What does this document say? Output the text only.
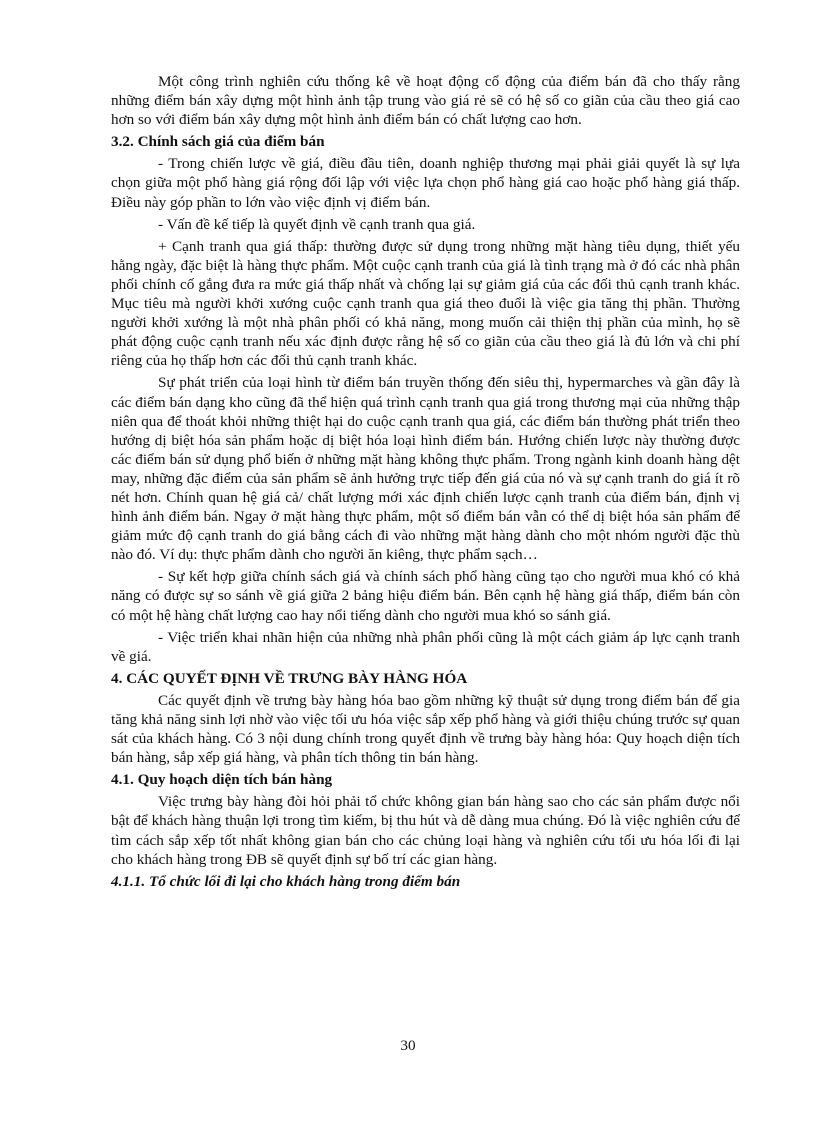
Một công trình nghiên cứu thống kê về hoạt động cổ động của điểm bán đã cho thấy rằng những điểm bán xây dựng một hình ảnh tập trung vào giá rẻ sẽ có hệ số co giãn của cầu theo giá cao hơn so với điểm bán xây dựng một hình ảnh điểm bán có chất lượng cao hơn.

3.2. Chính sách giá của điểm bán

- Trong chiến lược về giá, điều đầu tiên, doanh nghiệp thương mại phải giải quyết là sự lựa chọn giữa một phổ hàng giá rộng đối lập với việc lựa chọn phổ hàng giá cao hoặc phổ hàng giá thấp. Điều này góp phần to lớn vào việc định vị điểm bán.

- Vấn đề kế tiếp là quyết định về cạnh tranh qua giá.

+ Cạnh tranh qua giá thấp: thường được sử dụng trong những mặt hàng tiêu dụng, thiết yếu hằng ngày, đặc biệt là hàng thực phẩm. Một cuộc cạnh tranh của giá là tình trạng mà ở đó các nhà phân phối chính cố gắng đưa ra mức giá thấp nhất và chống lại sự giảm giá của các đối thủ cạnh tranh khác. Mục tiêu mà người khởi xướng cuộc cạnh tranh qua giá theo đuổi là việc gia tăng thị phần. Thường người khởi xướng là một nhà phân phối có khả năng, mong muốn cải thiện thị phần của mình, họ sẽ phát động cuộc cạnh tranh nếu xác định được rằng hệ số co giãn của cầu theo giá là đủ lớn và chi phí riêng của họ thấp hơn các đối thủ cạnh tranh khác.

Sự phát triển của loại hình từ điểm bán truyền thống đến siêu thị, hypermarches và gần đây là các điểm bán dạng kho cũng đã thể hiện quá trình cạnh tranh qua giá trong thương mại của những thập niên qua để thoát khỏi những thiệt hại do cuộc cạnh tranh qua giá, các điểm bán thường phát triển theo hướng dị biệt hóa sản phẩm hoặc dị biệt hóa loại hình điểm bán. Hướng chiến lược này thường được các điểm bán sử dụng phổ biến ở những mặt hàng không thực phẩm. Trong ngành kinh doanh hàng dệt may, những đặc điểm của sản phẩm sẽ ảnh hưởng trực tiếp đến giá của nó và sự cạnh tranh do giá ít rõ nét hơn. Chính quan hệ giá cả/ chất lượng mới xác định chiến lược cạnh tranh của điểm bán, định vị hình ảnh điểm bán. Ngay ở mặt hàng thực phẩm, một số điểm bán vẫn có thể dị biệt hóa sản phẩm để giảm mức độ cạnh tranh do giá bằng cách đi vào những mặt hàng dành cho một nhóm người đặc thù nào đó. Ví dụ: thực phẩm dành cho người ăn kiêng, thực phẩm sạch…

- Sự kết hợp giữa chính sách giá và chính sách phổ hàng cũng tạo cho người mua khó có khả năng có được sự so sánh về giá giữa 2 bảng hiệu điểm bán. Bên cạnh hệ hàng giá thấp, điểm bán còn có một hệ hàng chất lượng cao hay nổi tiếng dành cho người mua khó so sánh giá.

- Việc triển khai nhãn hiện của những nhà phân phối cũng là một cách giảm áp lực cạnh tranh về giá.

4. CÁC QUYẾT ĐỊNH VỀ TRƯNG BÀY HÀNG HÓA

Các quyết định về trưng bày hàng hóa bao gồm những kỹ thuật sử dụng trong điểm bán để gia tăng khả năng sinh lợi nhờ vào việc tối ưu hóa việc sắp xếp phổ hàng và giới thiệu chúng trước sự quan sát của khách hàng. Có 3 nội dung chính trong quyết định về trưng bày hàng hóa: Quy hoạch diện tích bán hàng, sắp xếp giá hàng, và phân tích thông tin bán hàng.

4.1. Quy hoạch diện tích bán hàng

Việc trưng bày hàng đòi hỏi phải tổ chức không gian bán hàng sao cho các sản phẩm được nổi bật để khách hàng thuận lợi trong tìm kiếm, bị thu hút và dễ dàng mua chúng. Đó là việc nghiên cứu để tìm cách sắp xếp tốt nhất không gian bán cho các chủng loại hàng và nghiên cứu tối ưu hóa lối đi lại cho khách hàng trong ĐB sẽ quyết định sự bố trí các gian hàng.

4.1.1. Tổ chức lối đi lại cho khách hàng trong điểm bán
30
